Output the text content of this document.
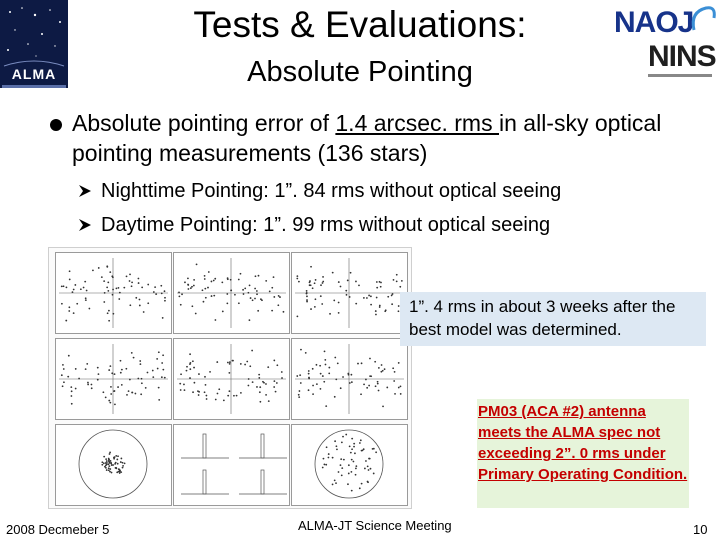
ALMA
NAOJ
NINS
Tests & Evaluations:
Absolute Pointing
Absolute pointing error of 1.4 arcsec. rms in all-sky optical pointing measurements (136 stars)
Nighttime Pointing: 1”. 84 rms without optical seeing
Daytime Pointing: 1”. 99 rms without optical seeing
1”. 4 rms in about 3 weeks after the best model was determined.
PM03 (ACA #2) antenna meets the ALMA spec not exceeding 2”. 0 rms under Primary Operating Condition.
2008 Decmeber 5	ALMA-JT Science Meeting	10
